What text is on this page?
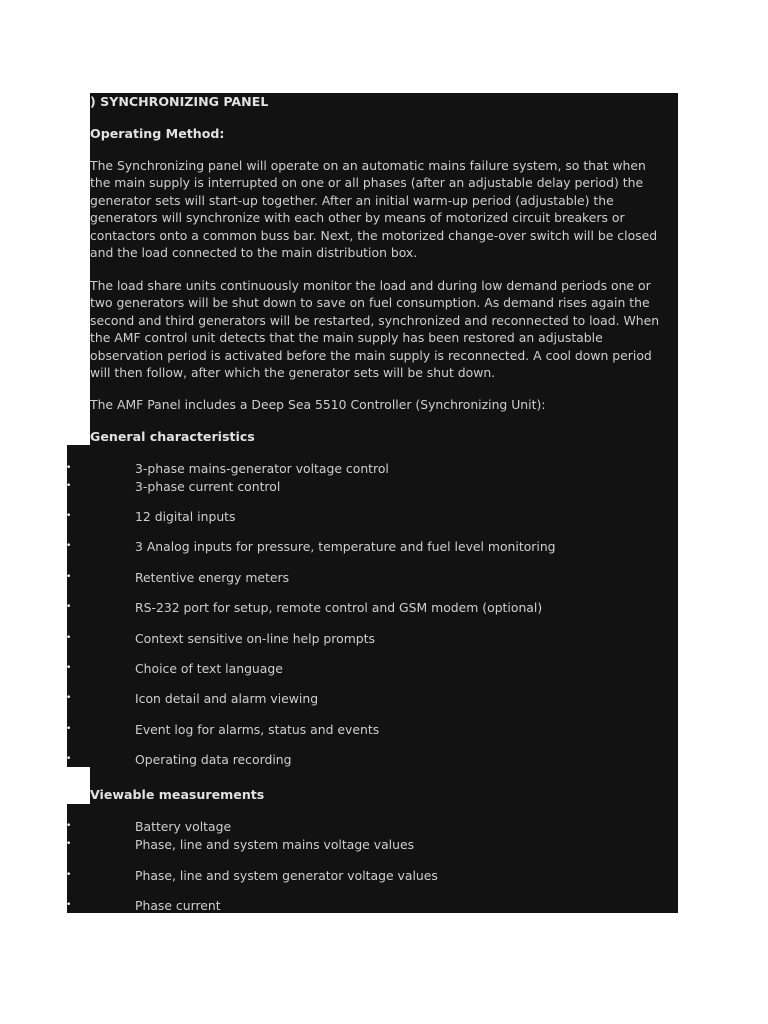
) SYNCHRONIZING PANEL
Operating Method:
The Synchronizing panel will operate on an automatic mains failure system, so that when
the main supply is interrupted on one or all phases (after an adjustable delay period) the
generator sets will start-up together. After an initial warm-up period (adjustable) the
generators will synchronize with each other by means of motorized circuit breakers or
contactors onto a common buss bar. Next, the motorized change-over switch will be closed
and the load connected to the main distribution box.
The load share units continuously monitor the load and during low demand periods one or
two generators will be shut down to save on fuel consumption. As demand rises again the
second and third generators will be restarted, synchronized and reconnected to load. When
the AMF control unit detects that the main supply has been restored an adjustable
observation period is activated before the main supply is reconnected. A cool down period
will then follow, after which the generator sets will be shut down.
The AMF Panel includes a Deep Sea 5510 Controller (Synchronizing Unit):
General characteristics
•	3-phase mains-generator voltage control
•	3-phase current control
•	12 digital inputs
•	3 Analog inputs for pressure, temperature and fuel level monitoring
•	Retentive energy meters
•	RS-232 port for setup, remote control and GSM modem (optional)
•	Context sensitive on-line help prompts
•	Choice of text language
•	Icon detail and alarm viewing
•	Event log for alarms, status and events
•	Operating data recording
Viewable measurements
•	Battery voltage
•	Phase, line and system mains voltage values
•	Phase, line and system generator voltage values
•	Phase current
